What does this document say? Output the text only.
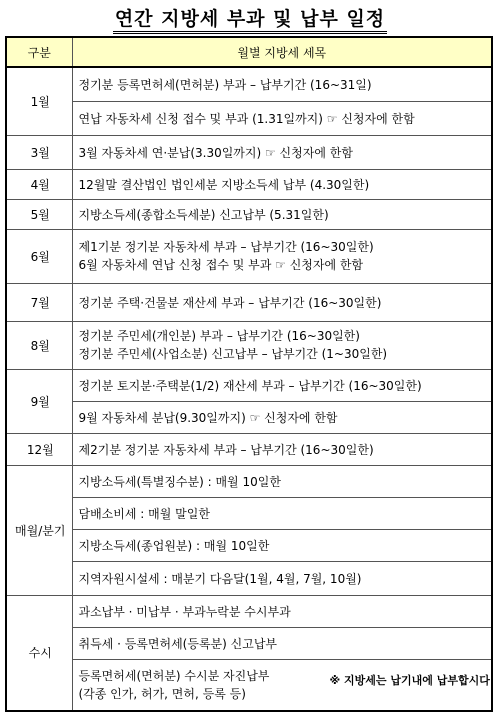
연간 지방세 부과 및 납부 일정
구분	월별 지방세 세목
1월	정기분 등록면허세(면허분) 부과 – 납부기간 (16~31일)
	연납 자동차세 신청 접수 및 부과 (1.31일까지) ☞ 신청자에 한함
3월	3월 자동차세 연·분납(3.30일까지) ☞ 신청자에 한함
4월	12월말 결산법인 법인세분 지방소득세 납부 (4.30일한)
5월	지방소득세(종합소득세분) 신고납부 (5.31일한)
6월	제1기분 정기분 자동차세 부과 – 납부기간 (16~30일한)
6월 자동차세 연납 신청 접수 및 부과 ☞ 신청자에 한함

7월	정기분 주택·건물분 재산세 부과 – 납부기간 (16~30일한)
8월	정기분 주민세(개인분) 부과 – 납부기간 (16~30일한)
정기분 주민세(사업소분) 신고납부 – 납부기간 (1~30일한)

9월	정기분 토지분·주택분(1/2) 재산세 부과 – 납부기간 (16~30일한)
	9월 자동차세 분납(9.30일까지) ☞ 신청자에 한함
12월	제2기분 정기분 자동차세 부과 – 납부기간 (16~30일한)
매월/분기	지방소득세(특별징수분) : 매월 10일한
	담배소비세 : 매월 말일한
	지방소득세(종업원분) : 매월 10일한
	지역자원시설세 : 매분기 다음달(1월, 4월, 7월, 10월)
수시	과소납부 · 미납부 · 부과누락분 수시부과
	취득세 · 등록면허세(등록분) 신고납부

	등록면허세(면허분) 수시분 자진납부
(각종 인가, 허가, 면허, 등록 등)
※ 지방세는 납기내에 납부합시다.
